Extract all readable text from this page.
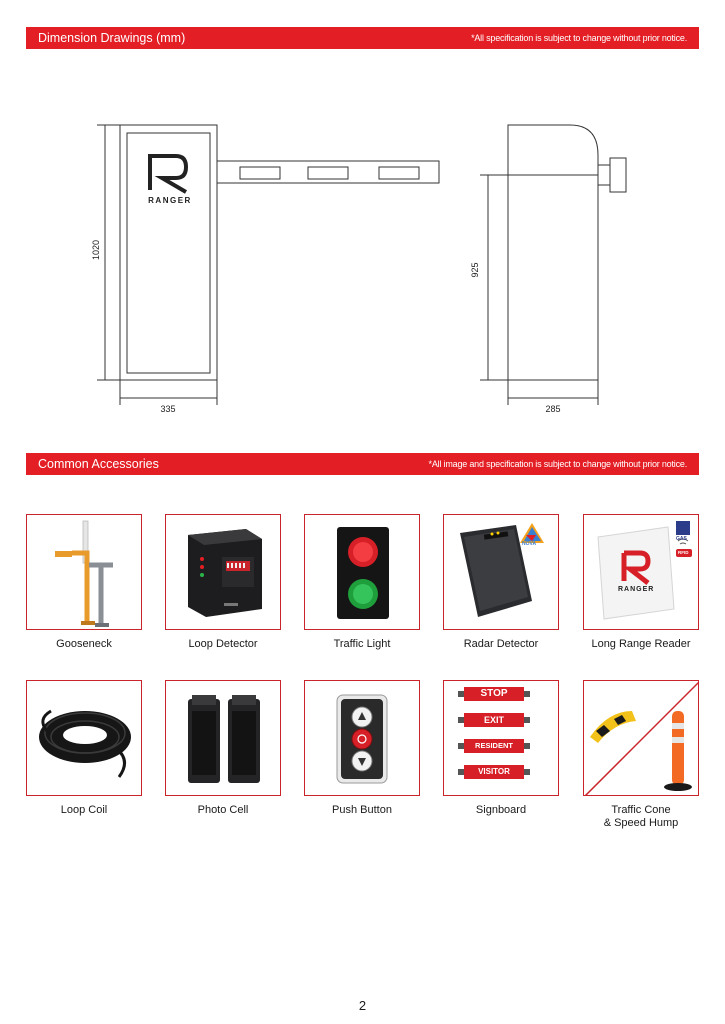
Dimension Drawings (mm)	*All specification is subject to change without prior notice.
RANGER
1020
335
925
285
Common Accessories	*All image and specification is subject to change without prior notice.
Gooseneck	Loop Detector	Traffic Light
NOVA
Radar Detector
RANGER
GAS
RFID
Long Range Reader
Loop Coil	Photo Cell	Push Button
STOP
EXIT
RESIDENT
VISITOR
Signboard	Traffic Cone
& Speed Hump
2
